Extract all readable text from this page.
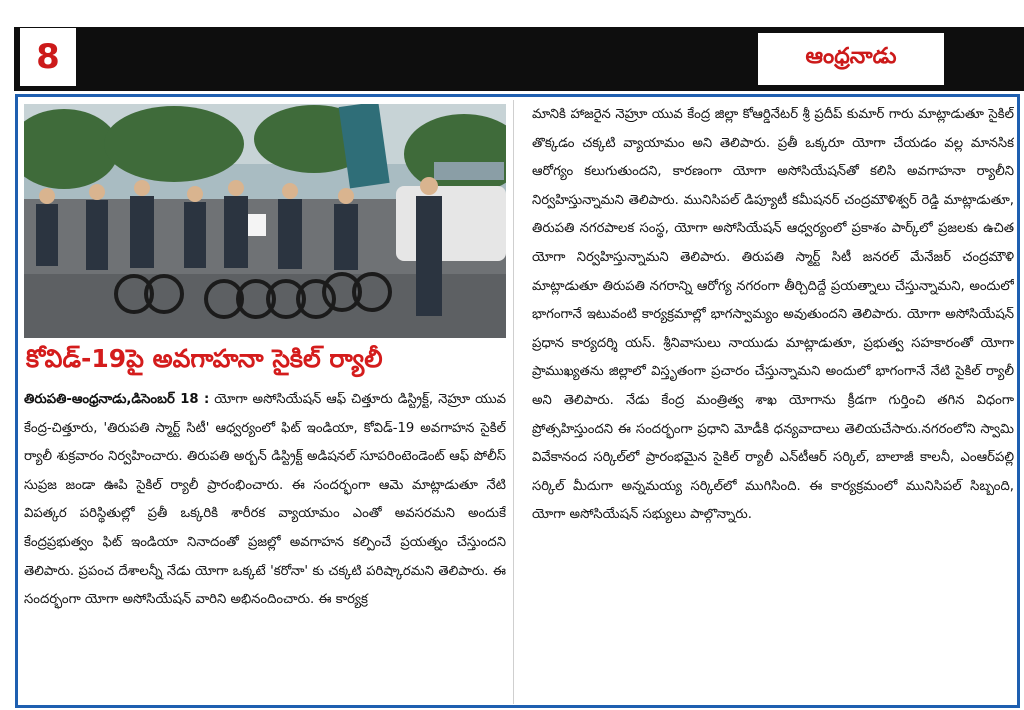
8	ఆంధ్రనాడు
కోవిడ్-19పై అవగాహనా సైకిల్ ర్యాలీ
తిరుపతి-ఆంధ్రనాడు,డిసెంబర్ 18 : యోగా అసోసియేషన్ ఆఫ్ చిత్తూరు డిస్ట్రిక్ట్, నెహ్రూ యువ కేంద్ర-చిత్తూరు, 'తిరుపతి స్మార్ట్ సిటీ' ఆధ్వర్యంలో ఫిట్ ఇండియా, కోవిడ్-19 అవగాహన సైకిల్ ర్యాలీ శుక్రవారం నిర్వహించారు. తిరుపతి అర్బన్ డిస్ట్రిక్ట్ అడిషనల్ సూపరింటెండెంట్ ఆఫ్ పోలీస్ సుప్రజ జండా ఊపి సైకిల్ ర్యాలీ ప్రారంభించారు. ఈ సందర్భంగా ఆమె మాట్లాడుతూ నేటి విపత్కర పరిస్థితుల్లో ప్రతీ ఒక్కరికి శారీరక వ్యాయామం ఎంతో అవసరమని అందుకే కేంద్రప్రభుత్వం ఫిట్ ఇండియా నినాదంతో ప్రజల్లో అవగాహన కల్పించే ప్రయత్నం చేస్తుందని తెలిపారు. ప్రపంచ దేశాలన్నీ నేడు యోగా ఒక్కటే 'కరోనా' కు చక్కటి పరిష్కారమని తెలిపారు. ఈ సందర్భంగా యోగా అసోసియేషన్ వారిని అభినందించారు. ఈ కార్యక్ర
మానికి హాజరైన నెహ్రూ యువ కేంద్ర జిల్లా కోఆర్డినేటర్ శ్రీ ప్రదీప్ కుమార్ గారు మాట్లాడుతూ సైకిల్ తొక్కడం చక్కటి వ్యాయామం అని తెలిపారు. ప్రతీ ఒక్కరూ యోగా చేయడం వల్ల మానసిక ఆరోగ్యం కలుగుతుందని, కారణంగా యోగా అసోసియేషన్‌తో కలిసి అవగాహనా ర్యాలీని నిర్వహిస్తున్నామని తెలిపారు. మునిసిపల్ డిప్యూటీ కమీషనర్ చంద్రమౌళిశ్వర్ రెడ్డి మాట్లాడుతూ, తిరుపతి నగరపాలక సంస్థ, యోగా అసోసియేషన్ ఆధ్వర్యంలో ప్రకాశం పార్క్‌లో ప్రజలకు ఉచిత యోగా నిర్వహిస్తున్నామని తెలిపారు. తిరుపతి స్మార్ట్ సిటీ జనరల్ మేనేజర్ చంద్రమౌళి మాట్లాడుతూ తిరుపతి నగరాన్ని ఆరోగ్య నగరంగా తీర్చిదిద్దే ప్రయత్నాలు చేస్తున్నామని, అందులో భాగంగానే ఇటువంటి కార్యక్రమాల్లో భాగస్వామ్యం అవుతుందని తెలిపారు. యోగా అసోసియేషన్ ప్రధాన కార్యదర్శి యస్. శ్రీనివాసులు నాయుడు మాట్లాడుతూ, ప్రభుత్వ సహకారంతో యోగా ప్రాముఖ్యతను జిల్లాలో విస్తృతంగా ప్రచారం చేస్తున్నామని అందులో భాగంగానే నేటి సైకిల్ ర్యాలీ అని తెలిపారు. నేడు కేంద్ర మంత్రిత్వ శాఖ యోగాను క్రీడగా గుర్తించి తగిన విధంగా ప్రోత్సహిస్తుందని ఈ సందర్భంగా ప్రధాని మోడీకి ధన్యవాదాలు తెలియచేసారు.నగరంలోని స్వామి వివేకానంద సర్కిల్‌లో ప్రారంభమైన సైకిల్ ర్యాలీ ఎన్‌టీఆర్ సర్కిల్, బాలాజీ కాలనీ, ఎంఆర్‌పల్లి సర్కిల్ మీదుగా అన్నమయ్య సర్కిల్‌లో ముగిసింది. ఈ కార్యక్రమంలో మునిసిపల్ సిబ్బంది, యోగా అసోసియేషన్ సభ్యులు పాల్గొన్నారు.
